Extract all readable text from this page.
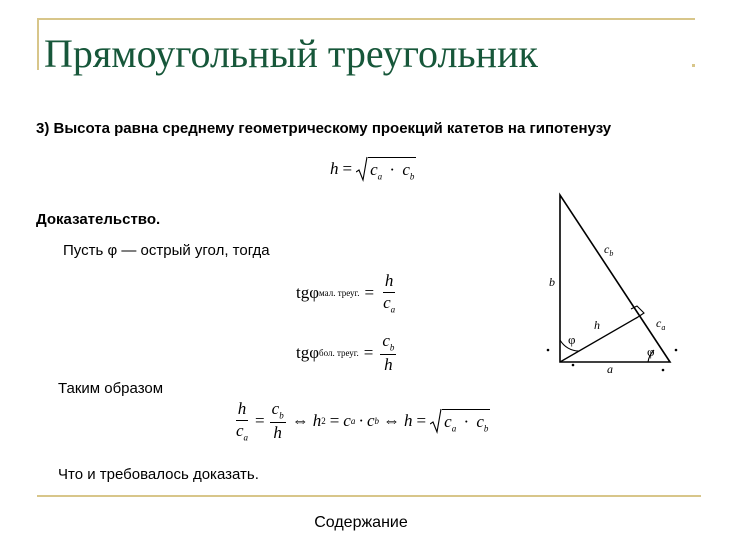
Прямоугольный треугольник
3) Высота равна среднему геометрическому проекций катетов на гипотенузу
$h = c_a \cdot c_b$
Доказательство.
Пусть φ — острый угол, тогда
tg φ мал. треуг. = $\frac{h}{c_a}$
tg φ бол. треуг. = $\frac{c_b}{h}$
Таким образом
$\frac{h}{c_a} = \frac{c_b}{h}$ ⇔ h 2 = c a · c b ⇔ $h = c_a \cdot c_b$
Что и требовалось доказать.
Содержание
b
$c_b$
$c_a$
h
a
φ
φ
